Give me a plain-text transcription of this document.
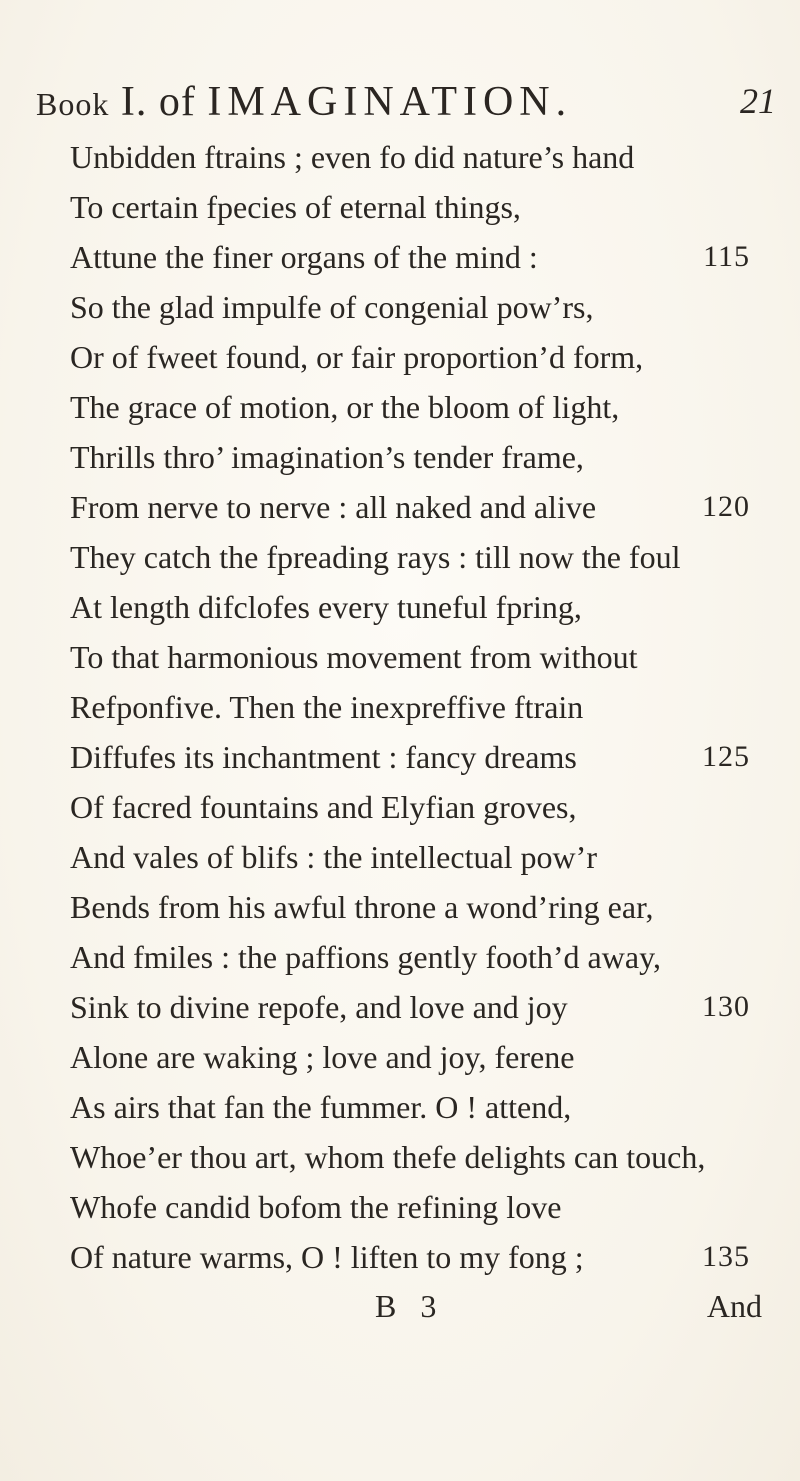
Book I. of IMAGINATION.	21
Unbidden ftrains ; even fo did nature’s hand
To certain fpecies of eternal things,
Attune the finer organs of the mind :	115
So the glad impulfe of congenial pow’rs,
Or of fweet found, or fair proportion’d form,
The grace of motion, or the bloom of light,
Thrills thro’ imagination’s tender frame,
From nerve to nerve : all naked and alive	120
They catch the fpreading rays : till now the foul
At length difclofes every tuneful fpring,
To that harmonious movement from without
Refponfive. Then the inexpreffive ftrain
Diffufes its inchantment : fancy dreams	125
Of facred fountains and Elyfian groves,
And vales of blifs : the intellectual pow’r
Bends from his awful throne a wond’ring ear,
And fmiles : the paffions gently footh’d away,
Sink to divine repofe, and love and joy	130
Alone are waking ; love and joy, ferene
As airs that fan the fummer. O ! attend,
Whoe’er thou art, whom thefe delights can touch,
Whofe candid bofom the refining love
Of nature warms, O ! liften to my fong ;	135
B 3	And
